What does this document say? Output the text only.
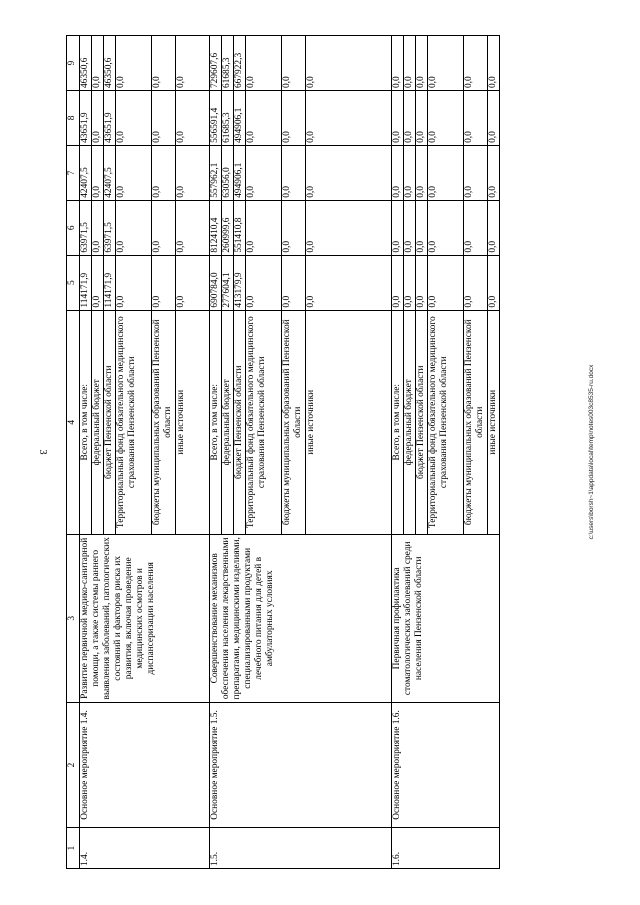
3
1	2	3	4	5	6	7	8	9
1.4.	Основное мероприятие 1.4.	Развитие первичной медико-санитарной помощи, а также системы раннего выявления заболеваний, патологических состояний и факторов риска их развития, включая проведение медицинских осмотров и диспансеризации населения	Всего, в том числе:	114171,9	63971,5	42407,5	43651,9	46350,6
			федеральный бюджет	0,0	0,0	0,0	0,0	0,0
			бюджет Пензенской области	114171,9	63971,5	42407,5	43651,9	46350,6
			Территориальный фонд обязательного медицинского страхования Пензенской области	0,0	0,0	0,0	0,0	0,0
			бюджеты муниципальных образований Пензенской области	0,0	0,0	0,0	0,0	0,0
			иные источники	0,0	0,0	0,0	0,0	0,0
1.5.	Основное мероприятие 1.5.	Совершенствование механизмов обеспечения населения лекарственными препаратами, медицинскими изделиями, специализированными продуктами лечебного питания для детей в амбулаторных условиях	Всего, в том числе:	690784,0	812410,4	557962,1	556591,4	729607,6
			федеральный бюджет	277604,1	260999,6	63056,0	61685,3	61685,3
			бюджет Пензенской области	413179,9	551410,8	494906,1	494906,1	667922,3
			Территориальный фонд обязательного медицинского страхования Пензенской области	0,0	0,0	0,0	0,0	0,0
			бюджеты муниципальных образований Пензенской области	0,0	0,0	0,0	0,0	0,0
			иные источники	0,0	0,0	0,0	0,0	0,0
1.6.	Основное мероприятие 1.6.	Первичная профилактика стоматологических заболеваний среди населения Пензенской области	Всего, в том числе:	0,0	0,0	0,0	0,0	0,0
			федеральный бюджет	0,0	0,0	0,0	0,0	0,0
			бюджет Пензенской области	0,0	0,0	0,0	0,0	0,0
			Территориальный фонд обязательного медицинского страхования Пензенской области	0,0	0,0	0,0	0,0	0,0
			бюджеты муниципальных образований Пензенской области	0,0	0,0	0,0	0,0	0,0
			иные источники	0,0	0,0	0,0	0,0	0,0
c:\users\borsh~1\appdata\local\temp\notes003c8535-ru.docx
